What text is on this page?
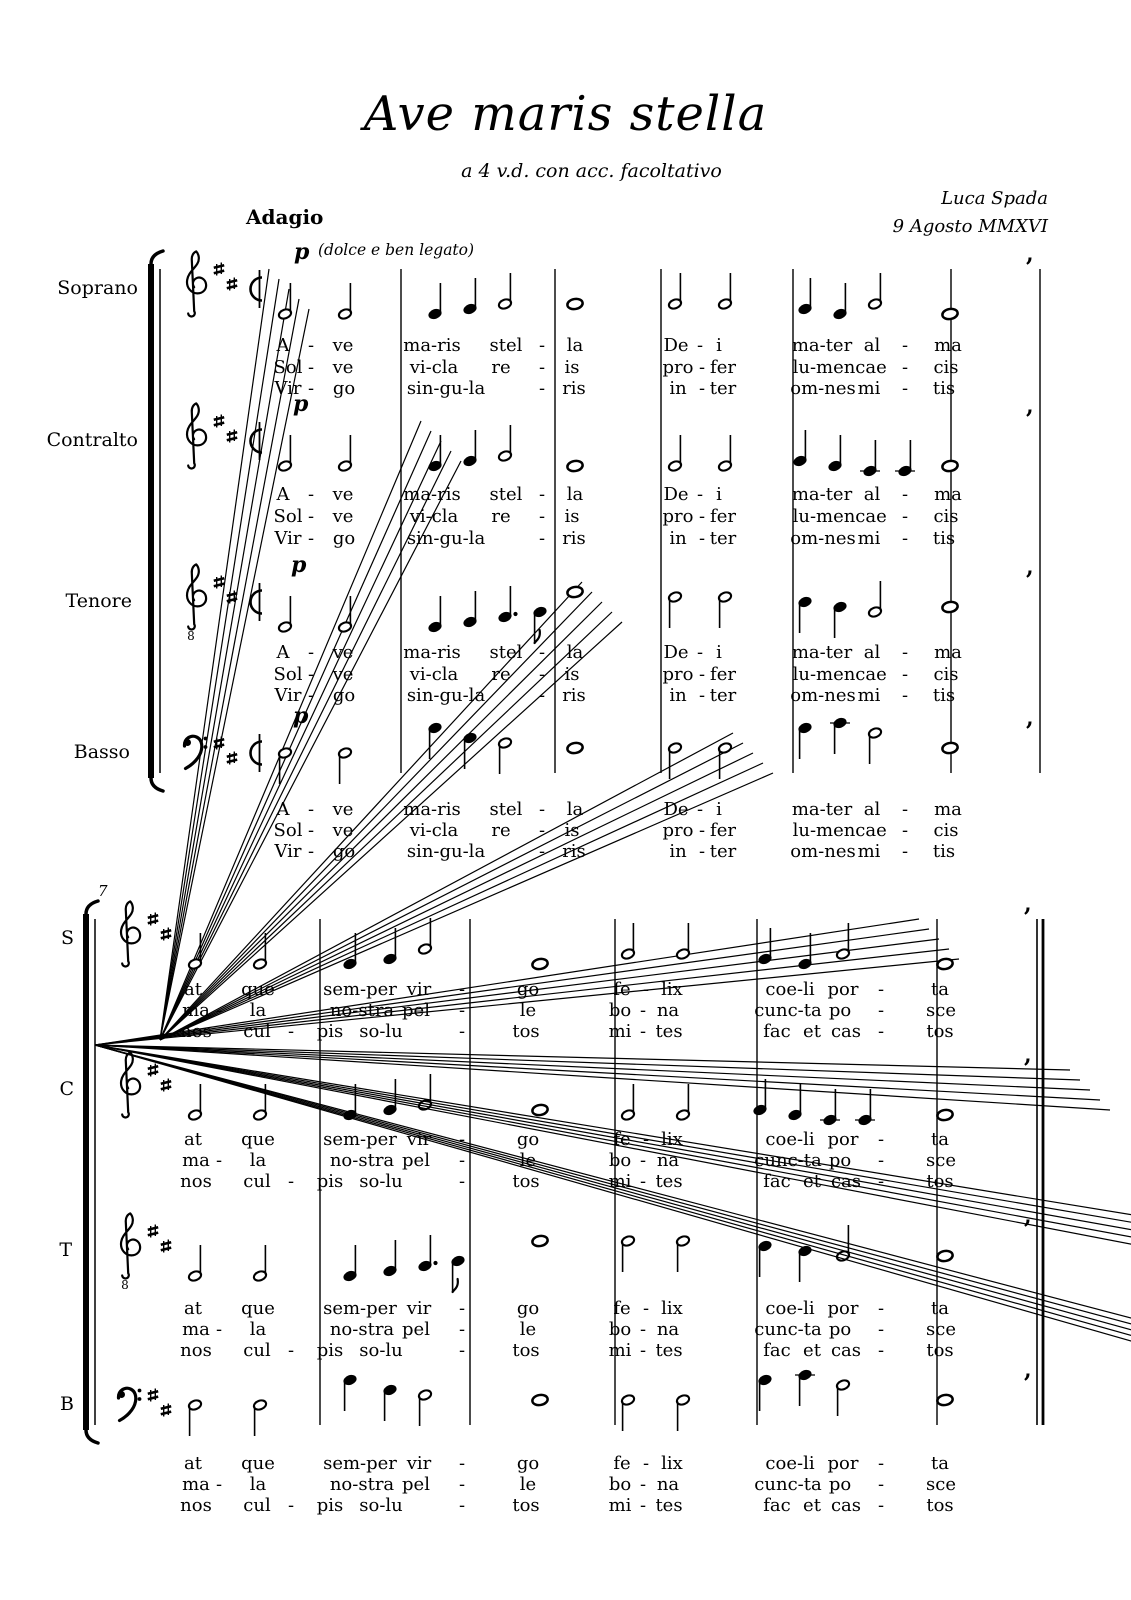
,
,
8
,
,
,
,
8
,
,
Ave maris stella
a 4 v.d. con acc. facoltativo
Luca Spada
9 Agosto MMXVI
Adagio
7
(dolce e ben legato)
Soprano
p
A - ve	ma-ris stel - la	De - i	ma-ter al - ma
Sol - ve	vi-cla re - is	pro - fer	lu-men cae - cis
Vir - go	sin-gu-la	- ris	in - ter	om-nes mi - tis
Contralto
p
A - ve	ma-ris stel - la	De - i	ma-ter al - ma
Sol - ve	vi-cla re - is	pro - fer	lu-men cae - cis
Vir - go	sin-gu-la	- ris	in - ter	om-nes mi - tis
Tenore
p
A - ve	ma-ris stel - la	De - i	ma-ter al - ma
Sol - ve	vi-cla re - is	pro - fer	lu-men cae - cis
Vir - go	sin-gu-la	- ris	in - ter	om-nes mi - tis
Basso
p
A - ve	ma-ris stel - la	De - i	ma-ter al - ma
Sol - ve	vi-cla re - is	pro - fer	lu-men cae - cis
Vir - go	sin-gu-la	- ris	in - ter	om-nes mi - tis
S
at que	sem-per vir -	go	fe - lix	coe-li por -	ta
ma - la	no-stra pel -	le	bo - na	cunc-ta po - sce
nos cul - pis so-lu	-	tos	mi - tes	fac et cas - tos
C
at que	sem-per vir -	go	fe - lix	coe-li por -	ta
ma - la	no-stra pel -	le	bo - na	cunc-ta po - sce
nos cul - pis so-lu	-	tos	mi - tes	fac et cas - tos
T
at que	sem-per vir -	go	fe - lix	coe-li por -	ta
ma - la	no-stra pel -	le	bo - na	cunc-ta po - sce
nos cul - pis so-lu	-	tos	mi - tes	fac et cas - tos
B
at que	sem-per vir -	go	fe - lix	coe-li por -	ta
ma - la	no-stra pel -	le	bo - na	cunc-ta po - sce
nos cul - pis so-lu	-	tos	mi - tes	fac et cas - tos
